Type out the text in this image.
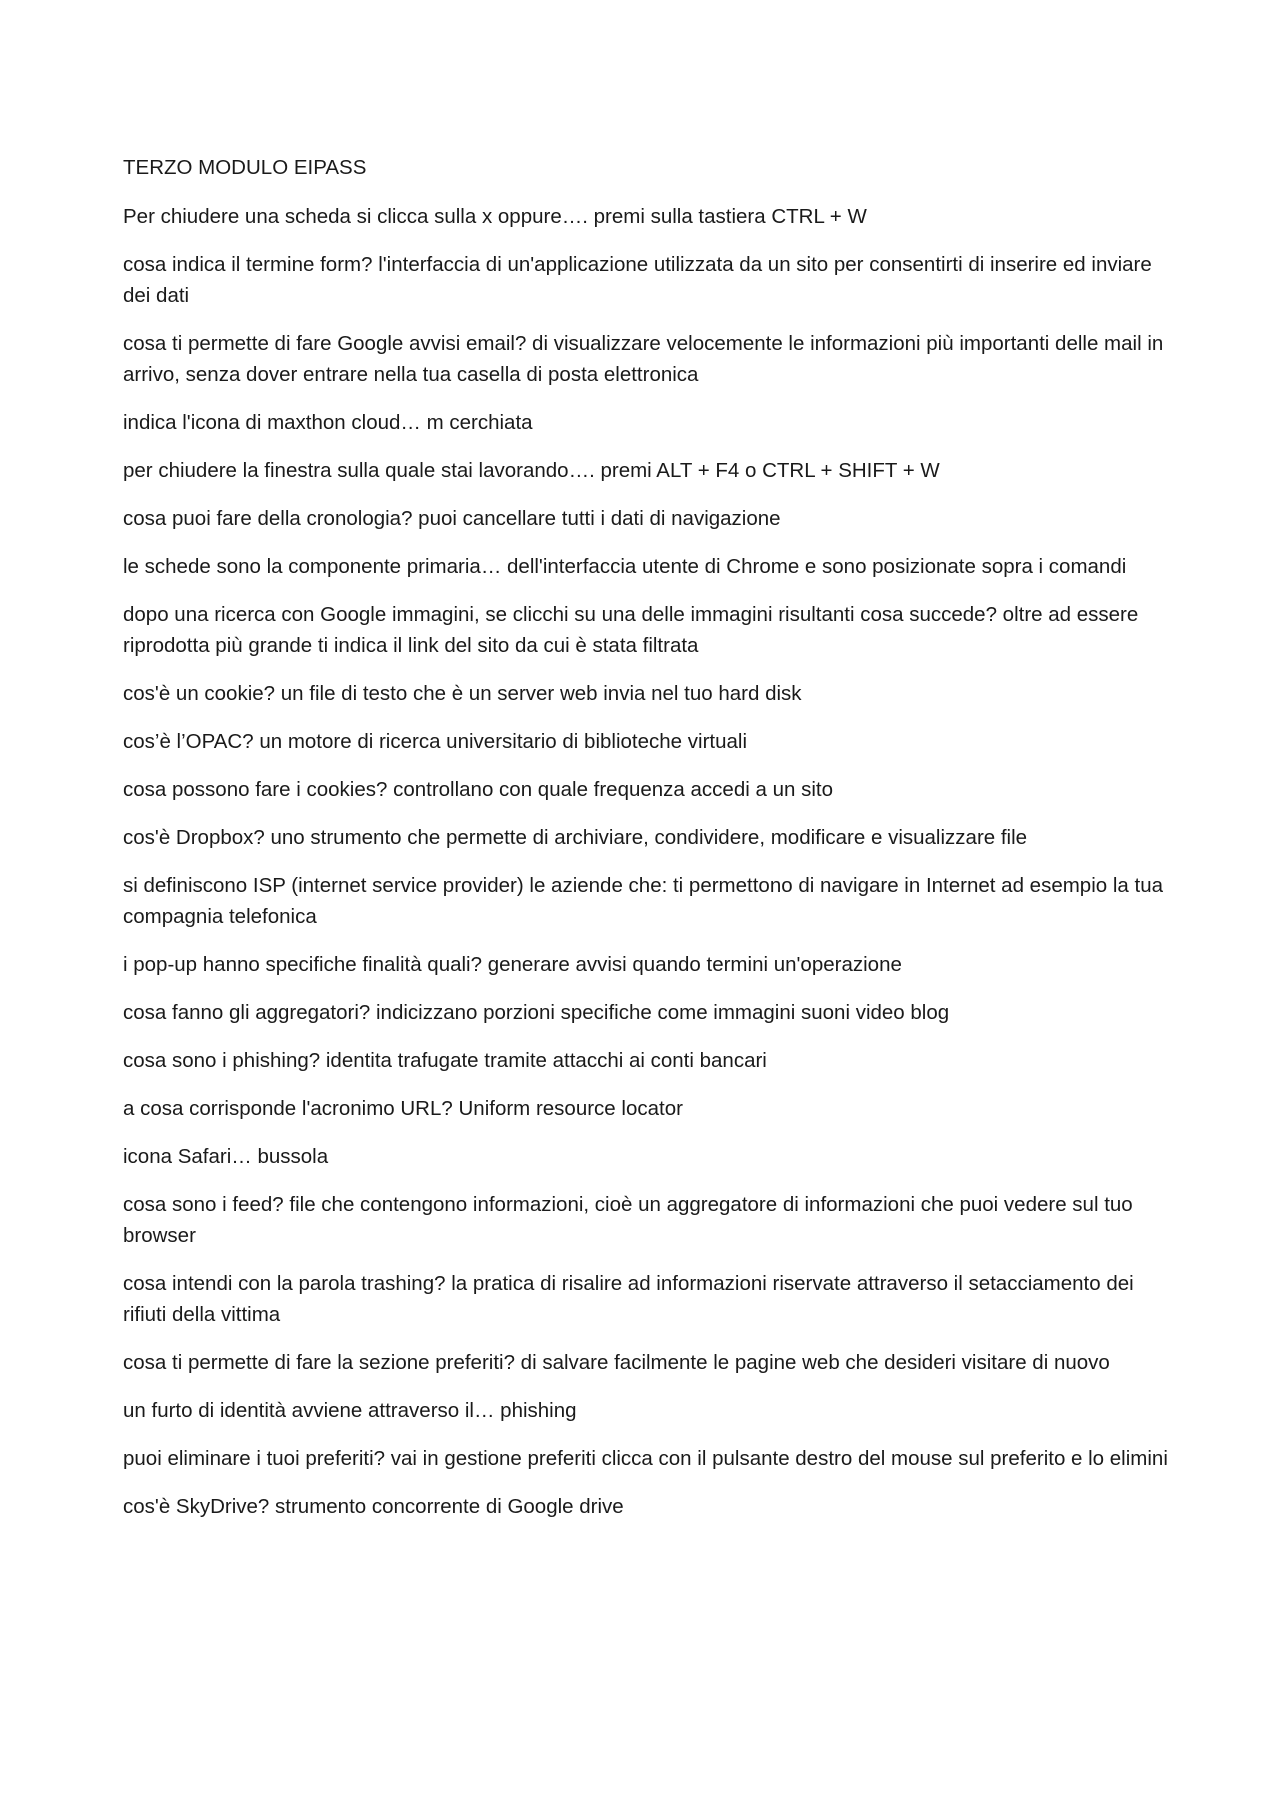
TERZO MODULO EIPASS

Per chiudere una scheda si clicca sulla x oppure…. premi sulla tastiera CTRL + W

cosa indica il termine form? l'interfaccia di un'applicazione utilizzata da un sito per consentirti di inserire ed inviare dei dati

cosa ti permette di fare Google avvisi email? di visualizzare velocemente le informazioni più importanti delle mail in arrivo, senza dover entrare nella tua casella di posta elettronica

indica l'icona di maxthon cloud… m cerchiata

per chiudere la finestra sulla quale stai lavorando…. premi ALT + F4 o CTRL + SHIFT + W

cosa puoi fare della cronologia? puoi cancellare tutti i dati di navigazione

le schede sono la componente primaria… dell'interfaccia utente di Chrome e sono posizionate sopra i comandi

dopo una ricerca con Google immagini, se clicchi su una delle immagini risultanti cosa succede? oltre ad essere riprodotta più grande ti indica il link del sito da cui è stata filtrata

cos'è un cookie? un file di testo che è un server web invia nel tuo hard disk

cos’è l’OPAC? un motore di ricerca universitario di biblioteche virtuali

cosa possono fare i cookies? controllano con quale frequenza accedi a un sito

cos'è Dropbox? uno strumento che permette di archiviare, condividere, modificare e visualizzare file

si definiscono ISP (internet service provider) le aziende che: ti permettono di navigare in Internet ad esempio la tua compagnia telefonica

i pop-up hanno specifiche finalità quali? generare avvisi quando termini un'operazione

cosa fanno gli aggregatori? indicizzano porzioni specifiche come immagini suoni video blog

cosa sono i phishing? identita trafugate tramite attacchi ai conti bancari

a cosa corrisponde l'acronimo URL? Uniform resource locator

icona Safari… bussola

cosa sono i feed? file che contengono informazioni, cioè un aggregatore di informazioni che puoi vedere sul tuo browser

cosa intendi con la parola trashing? la pratica di risalire ad informazioni riservate attraverso il setacciamento dei rifiuti della vittima

cosa ti permette di fare la sezione preferiti? di salvare facilmente le pagine web che desideri visitare di nuovo

un furto di identità avviene attraverso il… phishing

puoi eliminare i tuoi preferiti? vai in gestione preferiti clicca con il pulsante destro del mouse sul preferito e lo elimini

cos'è SkyDrive? strumento concorrente di Google drive
